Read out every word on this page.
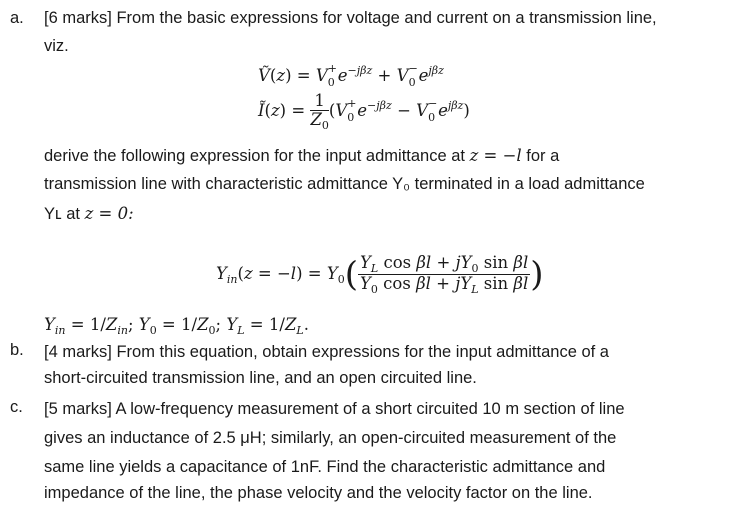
a. [6 marks] From the basic expressions for voltage and current on a transmission line,
viz.
Ṽ(z) = V +
0 $e^{-j\beta z} + V$ −
0 $e^{j\beta z}$
Ĩ(z) = $\frac{1}{Z_0} (V$ +
0 $e^{-j\beta z} - V$ −
0 $e^{j\beta z}$)
derive the following expression for the input admittance at z = −l for a
transmission line with characteristic admittance Y₀ terminated in a load admittance
Yʟ at z = 0:
$Y_{in}(z = -l) = Y_0( \frac{Y_L \cos \beta l + jY_0 \sin \beta l}{Y_0 \cos \beta l + jY_L \sin \beta l}$ )
$Y_{in} = 1/Z_{in}$; $Y_0 = 1/Z_0$; $Y_L = 1/Z_L$.
b. [4 marks] From this equation, obtain expressions for the input admittance of a
short-circuited transmission line, and an open circuited line.
c. [5 marks] A low-frequency measurement of a short circuited 10 m section of line
gives an inductance of 2.5 μH; similarly, an open-circuited measurement of the
same line yields a capacitance of 1nF. Find the characteristic admittance and
impedance of the line, the phase velocity and the velocity factor on the line.
